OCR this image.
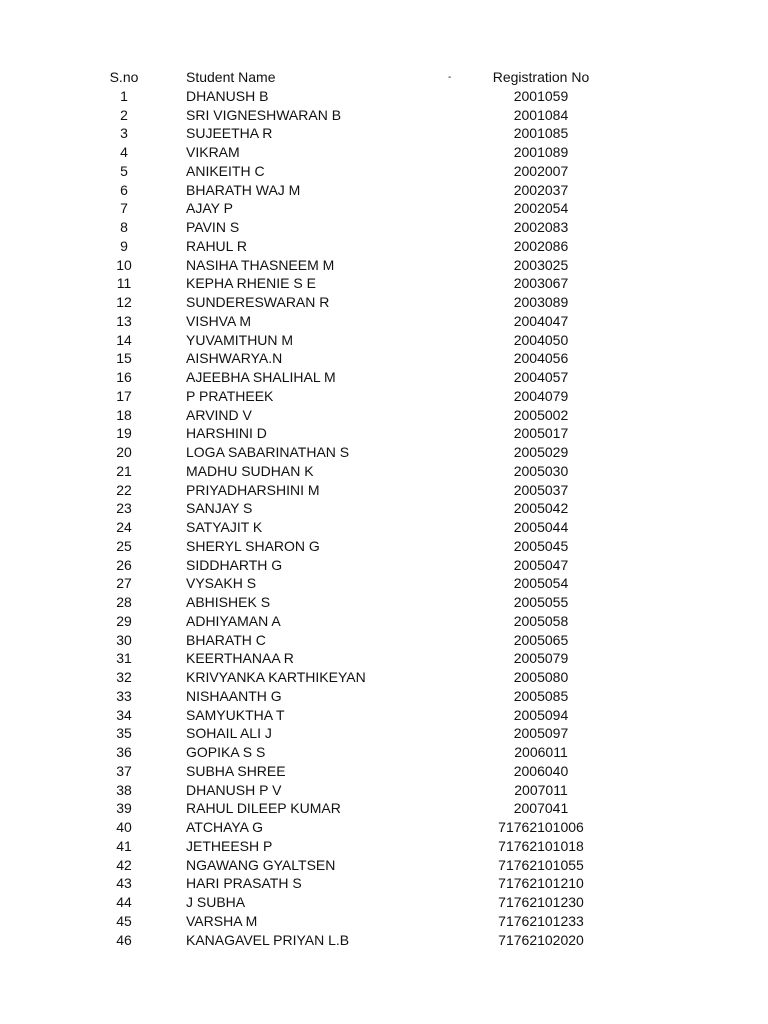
S.no	Student Name	-	Registration No
1	DHANUSH B	2001059
2	SRI VIGNESHWARAN B	2001084
3	SUJEETHA R	2001085
4	VIKRAM	2001089
5	ANIKEITH C	2002007
6	BHARATH WAJ M	2002037
7	AJAY P	2002054
8	PAVIN S	2002083
9	RAHUL R	2002086
10	NASIHA THASNEEM M	2003025
11	KEPHA RHENIE S E	2003067
12	SUNDERESWARAN R	2003089
13	VISHVA M	2004047
14	YUVAMITHUN M	2004050
15	AISHWARYA.N	2004056
16	AJEEBHA SHALIHAL M	2004057
17	P PRATHEEK	2004079
18	ARVIND V	2005002
19	HARSHINI D	2005017
20	LOGA SABARINATHAN S	2005029
21	MADHU SUDHAN K	2005030
22	PRIYADHARSHINI M	2005037
23	SANJAY S	2005042
24	SATYAJIT K	2005044
25	SHERYL SHARON G	2005045
26	SIDDHARTH G	2005047
27	VYSAKH S	2005054
28	ABHISHEK S	2005055
29	ADHIYAMAN A	2005058
30	BHARATH C	2005065
31	KEERTHANAA R	2005079
32	KRIVYANKA KARTHIKEYAN	2005080
33	NISHAANTH G	2005085
34	SAMYUKTHA T	2005094
35	SOHAIL ALI J	2005097
36	GOPIKA S S	2006011
37	SUBHA SHREE	2006040
38	DHANUSH P V	2007011
39	RAHUL DILEEP KUMAR	2007041
40	ATCHAYA G	71762101006
41	JETHEESH P	71762101018
42	NGAWANG GYALTSEN	71762101055
43	HARI PRASATH S	71762101210
44	J SUBHA	71762101230
45	VARSHA M	71762101233
46	KANAGAVEL PRIYAN L.B	71762102020
